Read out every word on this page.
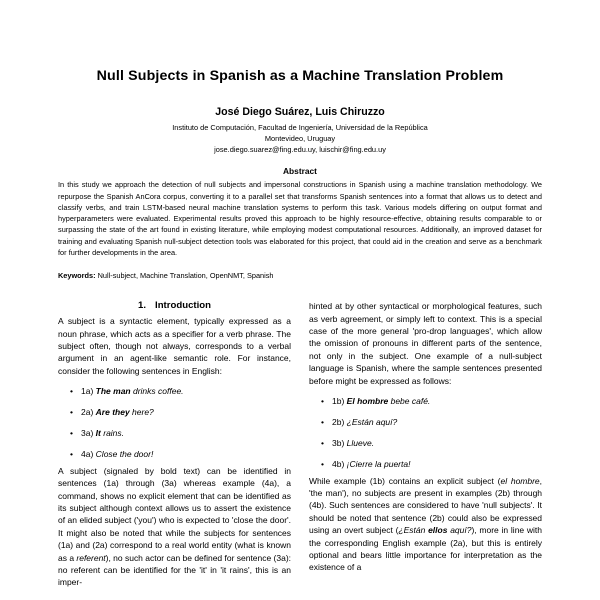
Null Subjects in Spanish as a Machine Translation Problem
José Diego Suárez, Luis Chiruzzo
Instituto de Computación, Facultad de Ingeniería, Universidad de la República
Montevideo, Uruguay
jose.diego.suarez@fing.edu.uy, luischir@fing.edu.uy
Abstract

In this study we approach the detection of null subjects and impersonal constructions in Spanish using a machine translation methodology. We repurpose the Spanish AnCora corpus, converting it to a parallel set that transforms Spanish sentences into a format that allows us to detect and classify verbs, and train LSTM-based neural machine translation systems to perform this task. Various models differing on output format and hyperparameters were evaluated. Experimental results proved this approach to be highly resource-effective, obtaining results comparable to or surpassing the state of the art found in existing literature, while employing modest computational resources. Additionally, an improved dataset for training and evaluating Spanish null-subject detection tools was elaborated for this project, that could aid in the creation and serve as a benchmark for further developments in the area.

Keywords: Null-subject, Machine Translation, OpenNMT, Spanish

1. Introduction

A subject is a syntactic element, typically expressed as a noun phrase, which acts as a specifier for a verb phrase. The subject often, though not always, corresponds to a verbal argument in an agent-like semantic role. For instance, consider the following sentences in English:

• 1a) The man drinks coffee.
• 2a) Are they here?
• 3a) It rains.
• 4a) Close the door!

A subject (signaled by bold text) can be identified in sentences (1a) through (3a) whereas example (4a), a command, shows no explicit element that can be identified as its subject although context allows us to assert the existence of an elided subject ('you') who is expected to 'close the door'. It might also be noted that while the subjects for sentences (1a) and (2a) correspond to a real world entity (what is known as a referent), no such actor can be defined for sentence (3a): no referent can be identified for the 'it' in 'it rains', this is an imper-

hinted at by other syntactical or morphological features, such as verb agreement, or simply left to context. This is a special case of the more general 'pro-drop languages', which allow the omission of pronouns in different parts of the sentence, not only in the subject. One example of a null-subject language is Spanish, where the sample sentences presented before might be expressed as follows:

• 1b) El hombre bebe café.
• 2b) ¿Están aquí?
• 3b) Llueve.
• 4b) ¡Cierre la puerta!

While example (1b) contains an explicit subject (el hombre, 'the man'), no subjects are present in examples (2b) through (4b). Such sentences are considered to have 'null subjects'. It should be noted that sentence (2b) could also be expressed using an overt subject (¿Están ellos aquí?), more in line with the corresponding English example (2a), but this is entirely optional and bears little importance for interpretation as the existence of a
